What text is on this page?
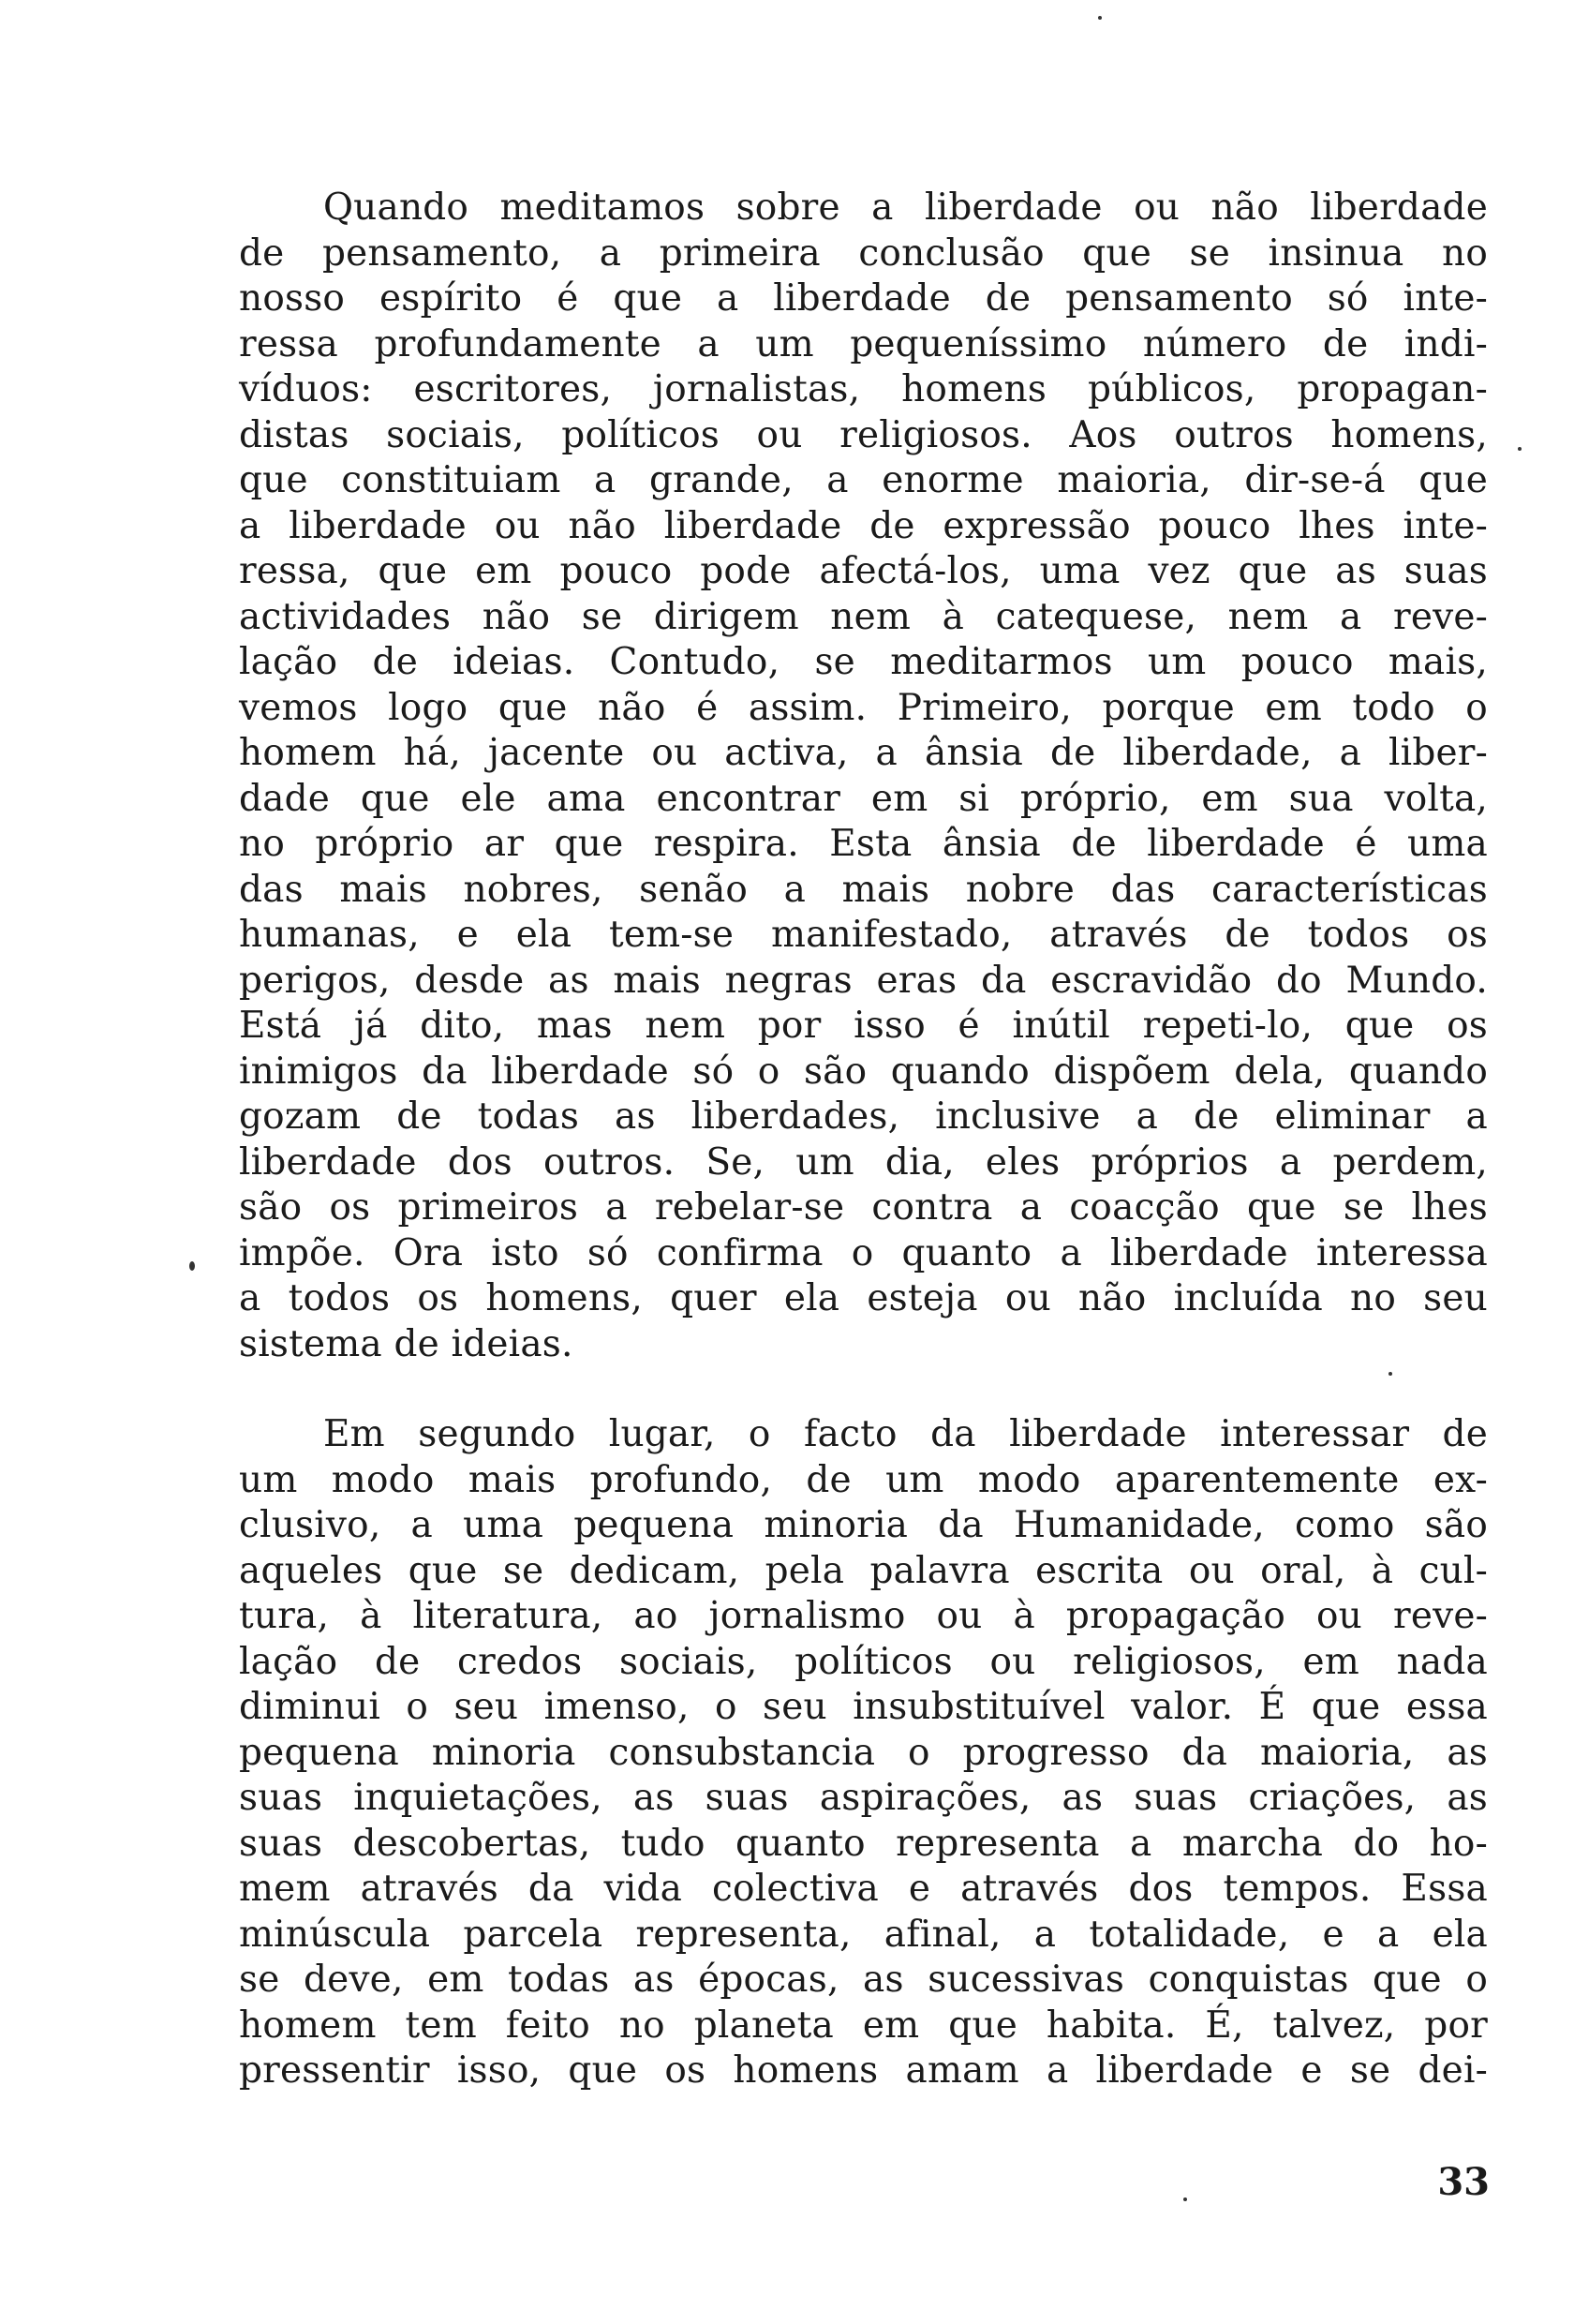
Quando meditamos sobre a liberdade ou não liberdade
de pensamento, a primeira conclusão que se insinua no
nosso espírito é que a liberdade de pensamento só inte-
ressa profundamente a um pequeníssimo número de indi-
víduos: escritores, jornalistas, homens públicos, propagan-
distas sociais, políticos ou religiosos. Aos outros homens,
que constituiam a grande, a enorme maioria, dir-se-á que
a liberdade ou não liberdade de expressão pouco lhes inte-
ressa, que em pouco pode afectá-los, uma vez que as suas
actividades não se dirigem nem à catequese, nem a reve-
lação de ideias. Contudo, se meditarmos um pouco mais,
vemos logo que não é assim. Primeiro, porque em todo o
homem há, jacente ou activa, a ânsia de liberdade, a liber-
dade que ele ama encontrar em si próprio, em sua volta,
no próprio ar que respira. Esta ânsia de liberdade é uma
das mais nobres, senão a mais nobre das características
humanas, e ela tem-se manifestado, através de todos os
perigos, desde as mais negras eras da escravidão do Mundo.
Está já dito, mas nem por isso é inútil repeti-lo, que os
inimigos da liberdade só o são quando dispõem dela, quando
gozam de todas as liberdades, inclusive a de eliminar a
liberdade dos outros. Se, um dia, eles próprios a perdem,
são os primeiros a rebelar-se contra a coacção que se lhes
impõe. Ora isto só confirma o quanto a liberdade interessa
a todos os homens, quer ela esteja ou não incluída no seu
sistema de ideias.
Em segundo lugar, o facto da liberdade interessar de
um modo mais profundo, de um modo aparentemente ex-
clusivo, a uma pequena minoria da Humanidade, como são
aqueles que se dedicam, pela palavra escrita ou oral, à cul-
tura, à literatura, ao jornalismo ou à propagação ou reve-
lação de credos sociais, políticos ou religiosos, em nada
diminui o seu imenso, o seu insubstituível valor. É que essa
pequena minoria consubstancia o progresso da maioria, as
suas inquietações, as suas aspirações, as suas criações, as
suas descobertas, tudo quanto representa a marcha do ho-
mem através da vida colectiva e através dos tempos. Essa
minúscula parcela representa, afinal, a totalidade, e a ela
se deve, em todas as épocas, as sucessivas conquistas que o
homem tem feito no planeta em que habita. É, talvez, por
pressentir isso, que os homens amam a liberdade e se dei-
33
